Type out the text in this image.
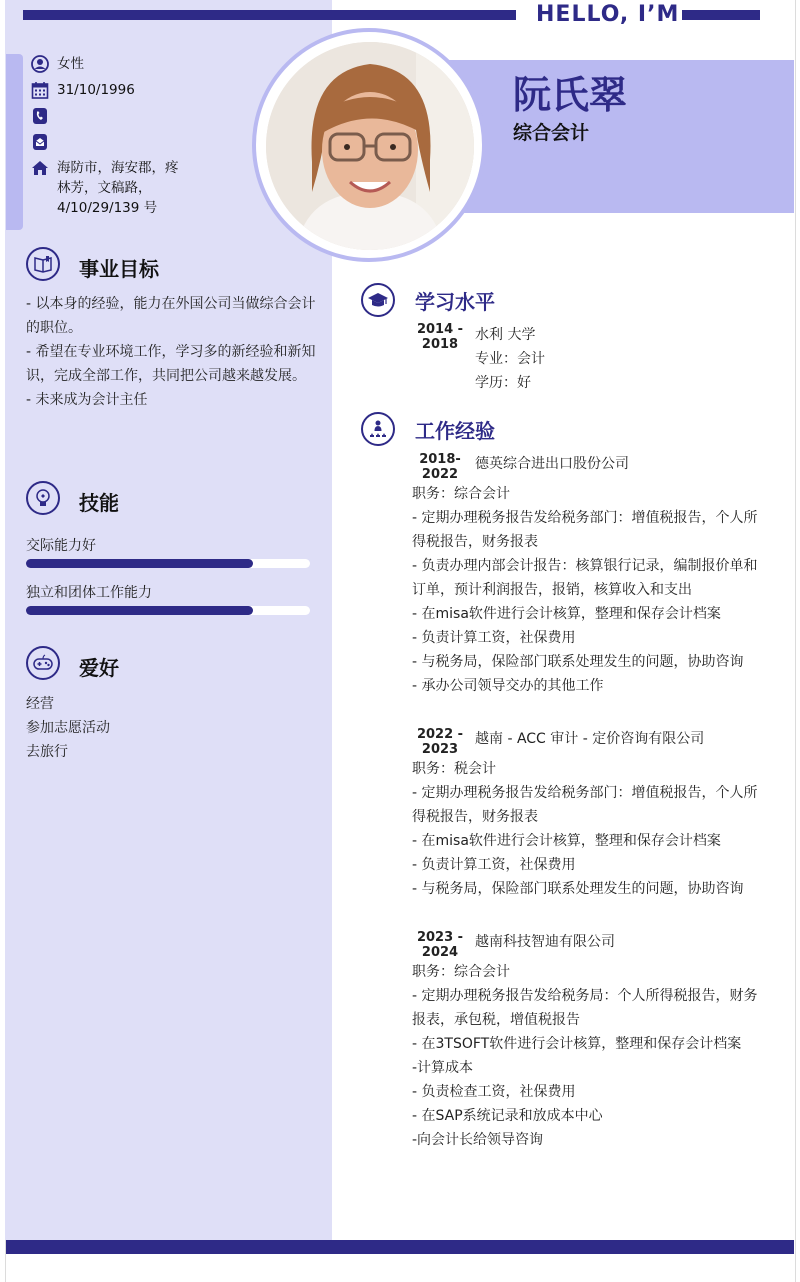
HELLO, I’M
阮氏翠
综合会计
女性
31/10/1996
海防市，海安郡，疼
林芳，文稿路，
4/10/29/139 号
事业目标
- 以本身的经验，能力在外国公司当做综合会计的职位。
- 希望在专业环境工作，学习多的新经验和新知识，完成全部工作，共同把公司越来越发展。
- 未来成为会计主任
技能
交际能力好
独立和团体工作能力
爱好
经营
参加志愿活动
去旅行
学习水平
2014 -
2018
水利 大学
专业：会计
学历：好
工作经验
2018-
2022
德英综合进出口股份公司
职务：综合会计
- 定期办理税务报告发给税务部门：增值税报告，个人所得税报告，财务报表
- 负责办理内部会计报告：核算银行记录，编制报价单和订单，预计利润报告，报销，核算收入和支出
- 在misa软件进行会计核算，整理和保存会计档案
- 负责计算工资，社保费用
- 与税务局，保险部门联系处理发生的问题，协助咨询
- 承办公司领导交办的其他工作
2022 -
2023
越南 - ACC 审计 - 定价咨询有限公司
职务：税会计
- 定期办理税务报告发给税务部门：增值税报告，个人所得税报告，财务报表
- 在misa软件进行会计核算，整理和保存会计档案
- 负责计算工资，社保费用
- 与税务局，保险部门联系处理发生的问题，协助咨询
2023 -
2024
越南科技智迪有限公司
职务：综合会计
- 定期办理税务报告发给税务局：个人所得税报告，财务报表，承包税，增值税报告
- 在3TSOFT软件进行会计核算，整理和保存会计档案
-计算成本
- 负责检查工资，社保费用
- 在SAP系统记录和放成本中心
-向会计长给领导咨询
